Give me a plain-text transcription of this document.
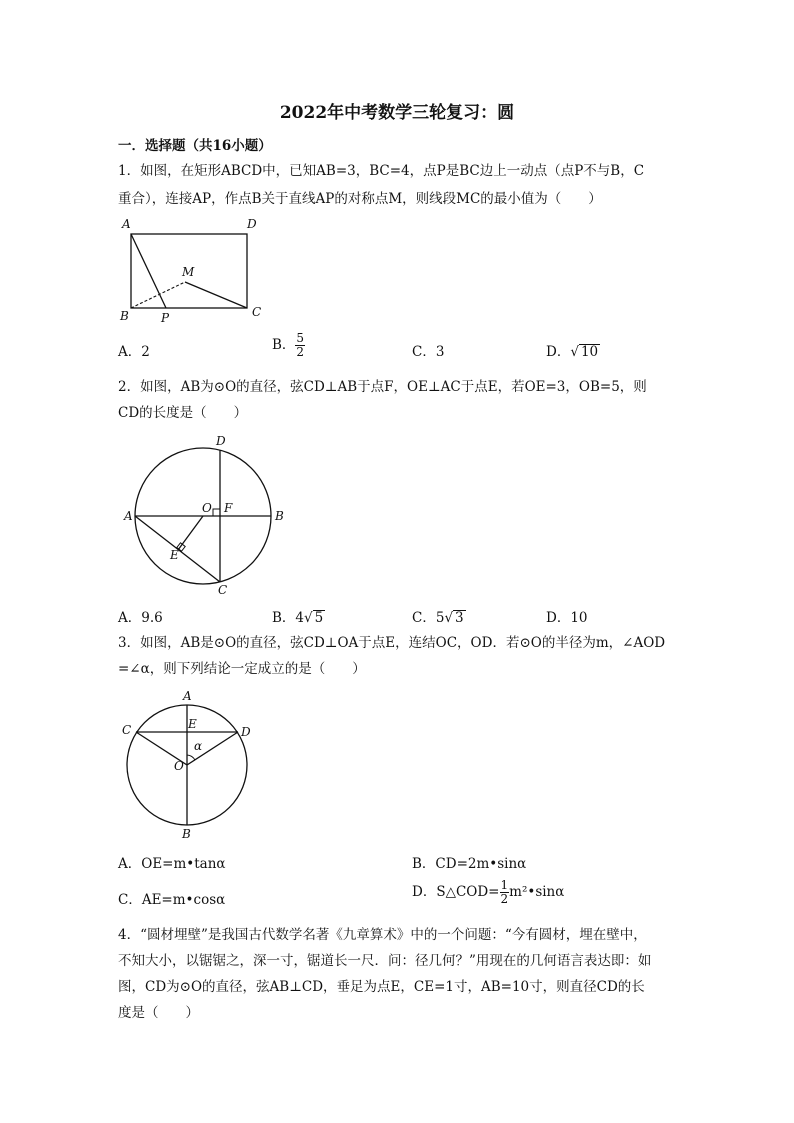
2022年中考数学三轮复习：圆
一．选择题（共16小题）
1．如图，在矩形ABCD中，已知AB=3，BC=4，点P是BC边上一动点（点P不与B，C
重合），连接AP，作点B关于直线AP的对称点M，则线段MC的最小值为（　　）
A	D
B	C
M
P
A．2	B． $\frac{5}{2}$	C．3	D．√ 10
2．如图，AB为⊙O的直径，弦CD⊥AB于点F，OE⊥AC于点E，若OE=3，OB=5，则
CD的长度是（　　）
A	B
D
C
O F
E
A．9.6	B．4√ 5	C．5√ 3	D．10
3．如图，AB是⊙O的直径，弦CD⊥OA于点E，连结OC，OD．若⊙O的半径为m，∠AOD
=∠α，则下列结论一定成立的是（　　）
A
B
C	D
E
O
α
A．OE=m•tanα	B．CD=2m•sinα
C．AE=m•cosα	D．S△COD= $\frac{1}{2}$ m²•sinα
4．“圆材埋壁”是我国古代数学名著《九章算术》中的一个问题：“今有圆材，埋在壁中，
不知大小，以锯锯之，深一寸，锯道长一尺．问：径几何？”用现在的几何语言表达即：如
图，CD为⊙O的直径，弦AB⊥CD，垂足为点E，CE=1寸，AB=10寸，则直径CD的长
度是（　　）
